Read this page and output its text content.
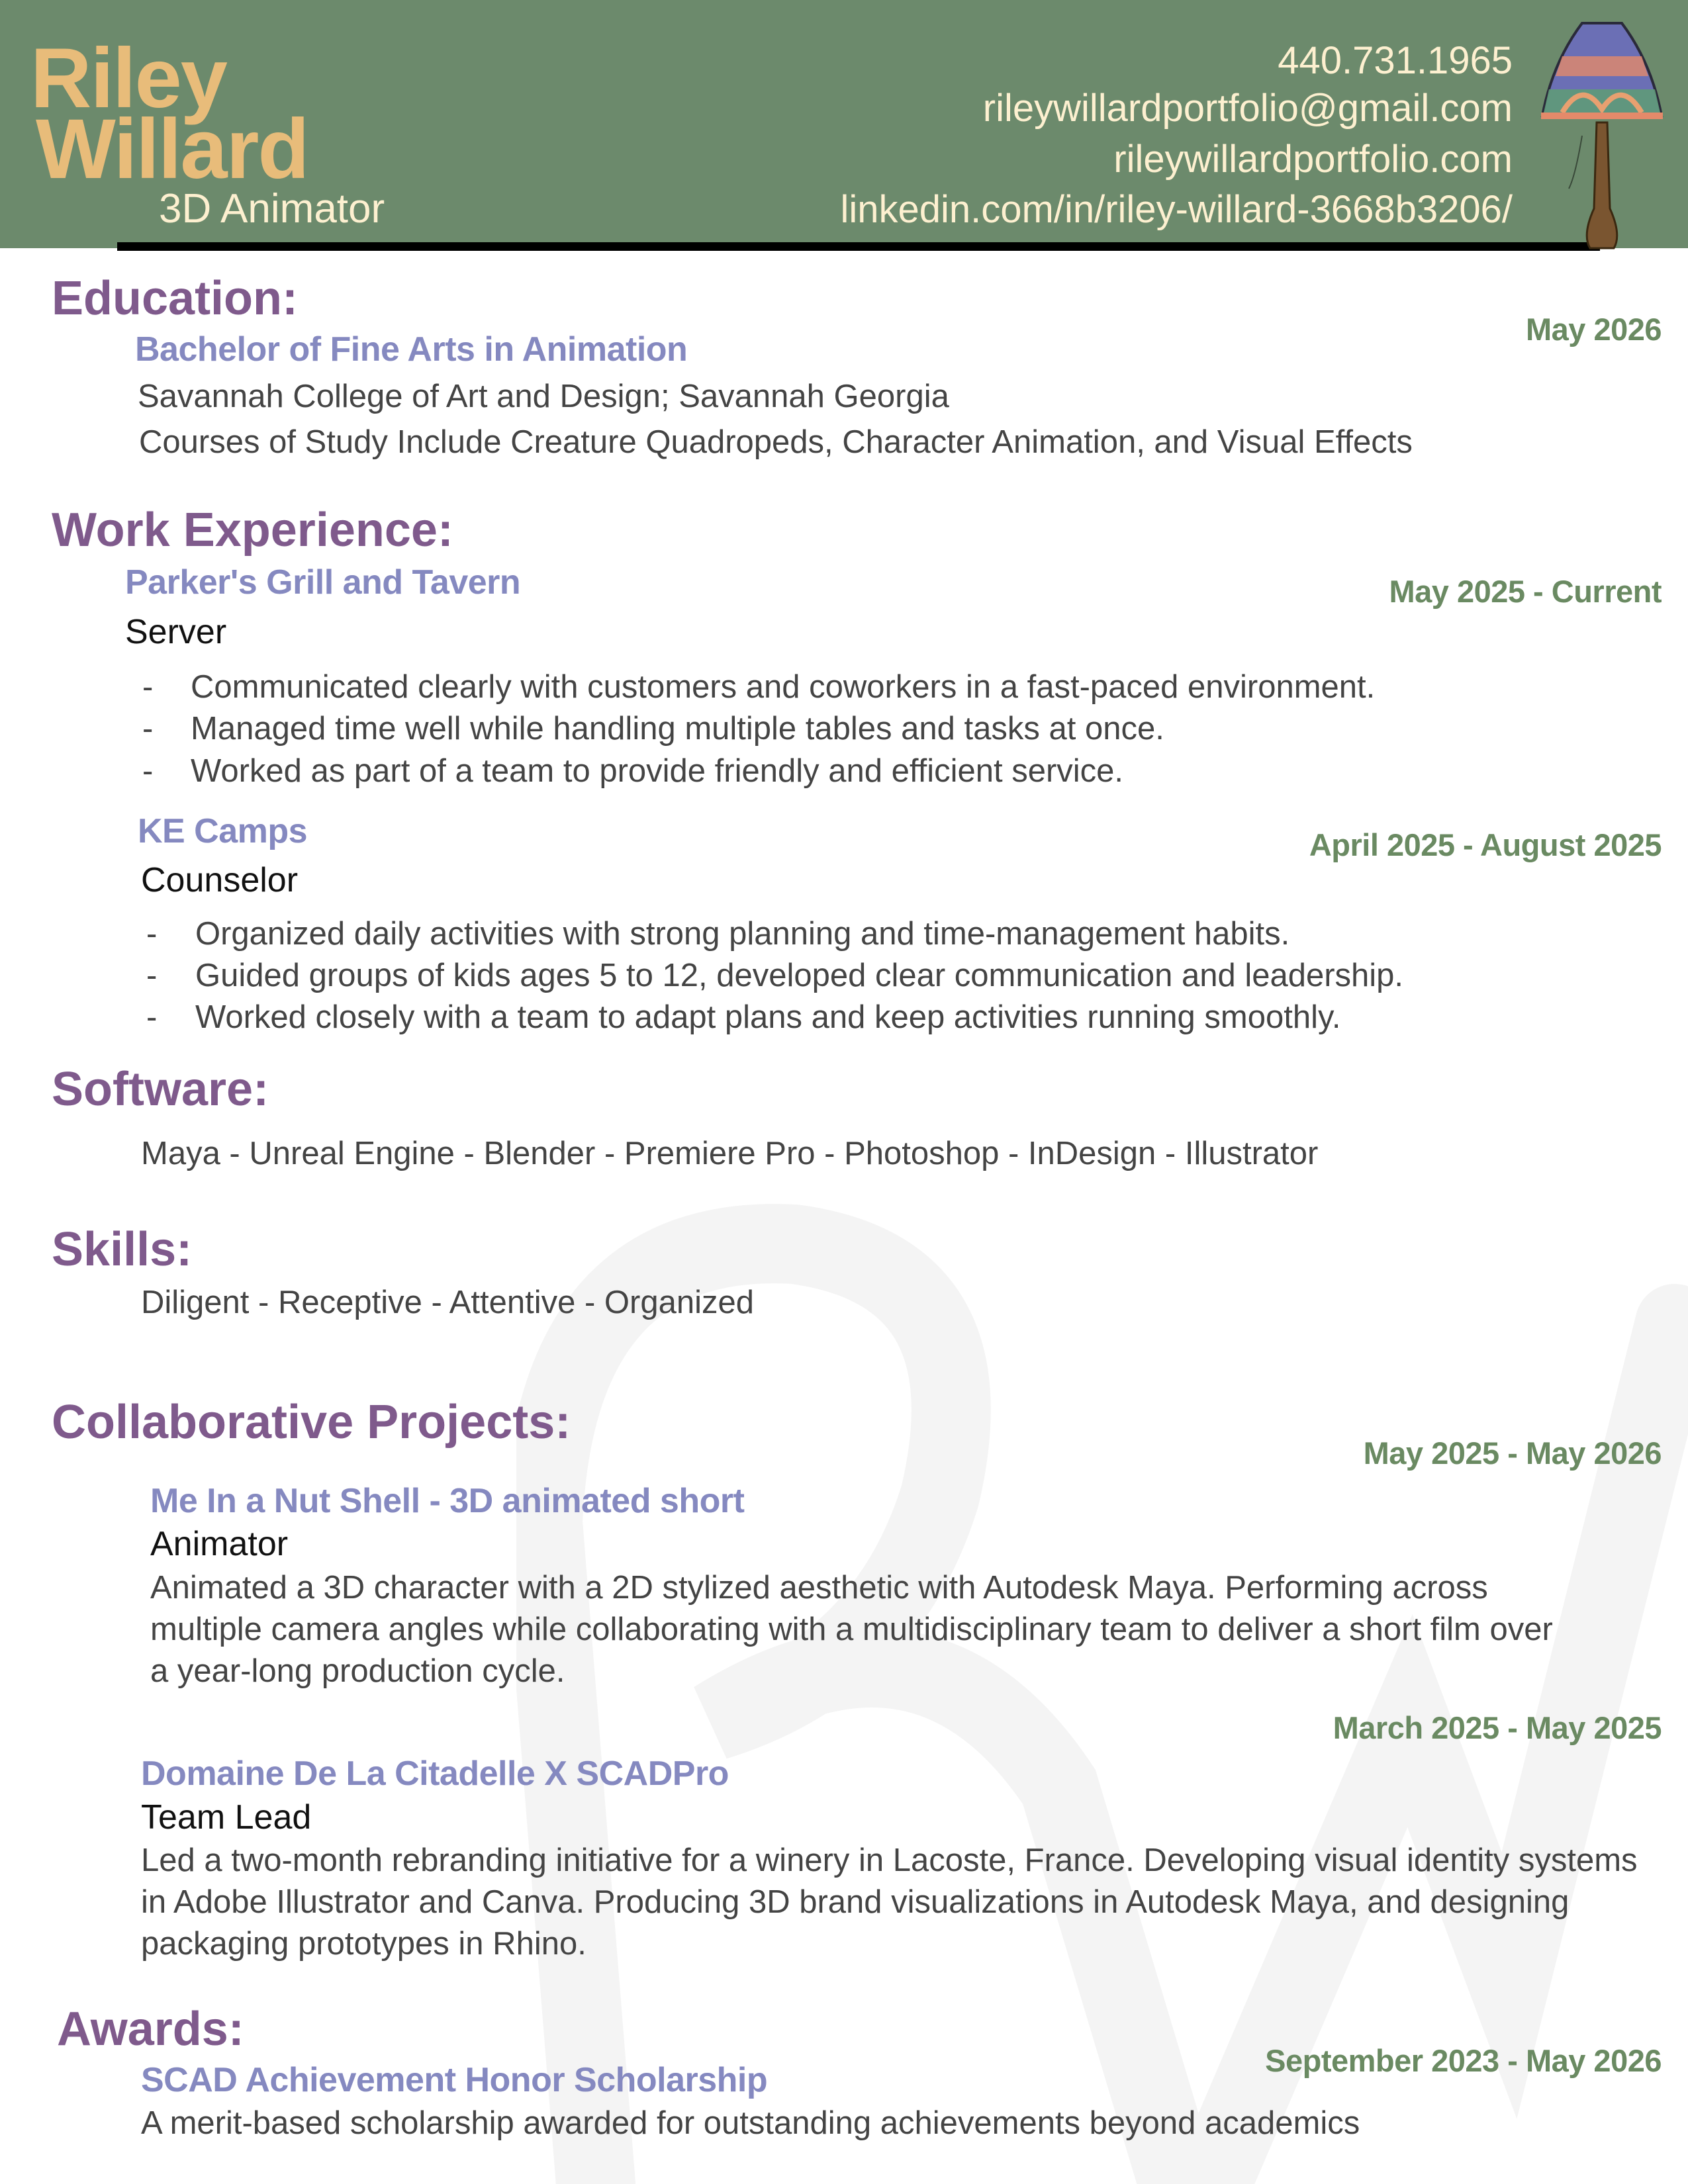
Riley
Willard
3D Animator
440.731.1965
rileywillardportfolio@gmail.com
rileywillardportfolio.com
linkedin.com/in/riley-willard-3668b3206/
Education:
Bachelor of Fine Arts in Animation
May 2026
Savannah College of Art and Design; Savannah Georgia
Courses of Study Include Creature Quadropeds, Character Animation, and Visual Effects
Work Experience:
Parker's Grill and Tavern	May 2025 - Current
Server
- Communicated clearly with customers and coworkers in a fast-paced environment.
- Managed time well while handling multiple tables and tasks at once.
- Worked as part of a team to provide friendly and efficient service.
KE Camps	April 2025 - August 2025
Counselor
- Organized daily activities with strong planning and time-management habits.
- Guided groups of kids ages 5 to 12, developed clear communication and leadership.
- Worked closely with a team to adapt plans and keep activities running smoothly.
Software:
Maya - Unreal Engine - Blender - Premiere Pro - Photoshop - InDesign - Illustrator
Skills:
Diligent - Receptive - Attentive - Organized
Collaborative Projects:
May 2025 - May 2026
Me In a Nut Shell - 3D animated short
Animator
Animated a 3D character with a 2D stylized aesthetic with Autodesk Maya. Performing across multiple camera angles while collaborating with a multidisciplinary team to deliver a short film over a year-long production cycle.
March 2025 - May 2025
Domaine De La Citadelle X SCADPro
Team Lead
Led a two-month rebranding initiative for a winery in Lacoste, France. Developing visual identity systems in Adobe Illustrator and Canva. Producing 3D brand visualizations in Autodesk Maya, and designing packaging prototypes in Rhino.
Awards:
September 2023 - May 2026
SCAD Achievement Honor Scholarship
A merit-based scholarship awarded for outstanding achievements beyond academics
